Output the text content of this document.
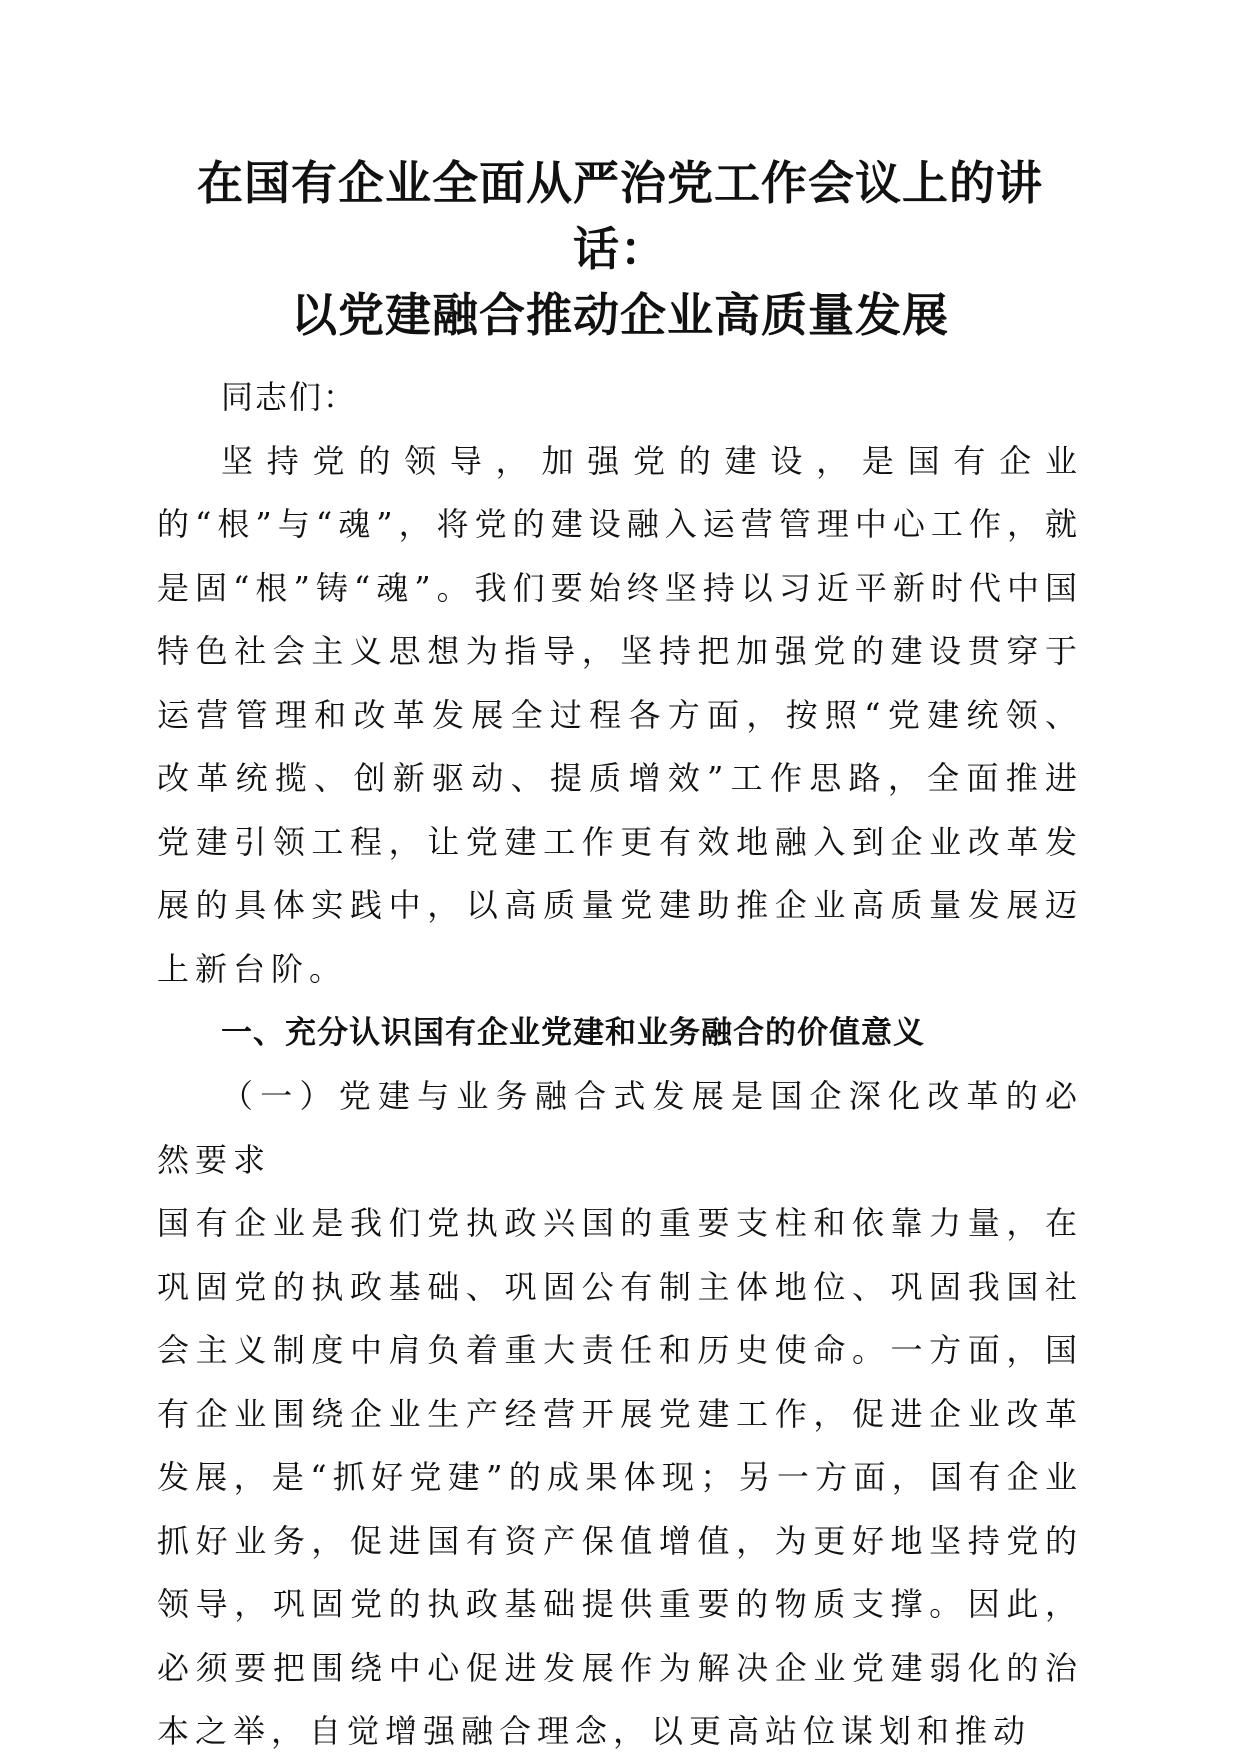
在国有企业全面从严治党工作会议上的讲话：
以党建融合推动企业高质量发展

同志们：

坚持党的领导，加强党的建设，是国有企业的“根”与“魂”，将党的建设融入运营管理中心工作，就是固“根”铸“魂”。我们要始终坚持以习近平新时代中国特色社会主义思想为指导，坚持把加强党的建设贯穿于运营管理和改革发展全过程各方面，按照“党建统领、改革统揽、创新驱动、提质增效”工作思路，全面推进党建引领工程，让党建工作更有效地融入到企业改革发展的具体实践中，以高质量党建助推企业高质量发展迈上新台阶。

一、充分认识国有企业党建和业务融合的价值意义

（一）党建与业务融合式发展是国企深化改革的必然要求

国有企业是我们党执政兴国的重要支柱和依靠力量，在巩固党的执政基础、巩固公有制主体地位、巩固我国社会主义制度中肩负着重大责任和历史使命。一方面，国有企业围绕企业生产经营开展党建工作，促进企业改革发展，是“抓好党建”的成果体现；另一方面，国有企业抓好业务，促进国有资产保值增值，为更好地坚持党的领导，巩固党的执政基础提供重要的物质支撑。因此，必须要把围绕中心促进发展作为解决企业党建弱化的治本之举，自觉增强融合理念，以更高站位谋划和推动
